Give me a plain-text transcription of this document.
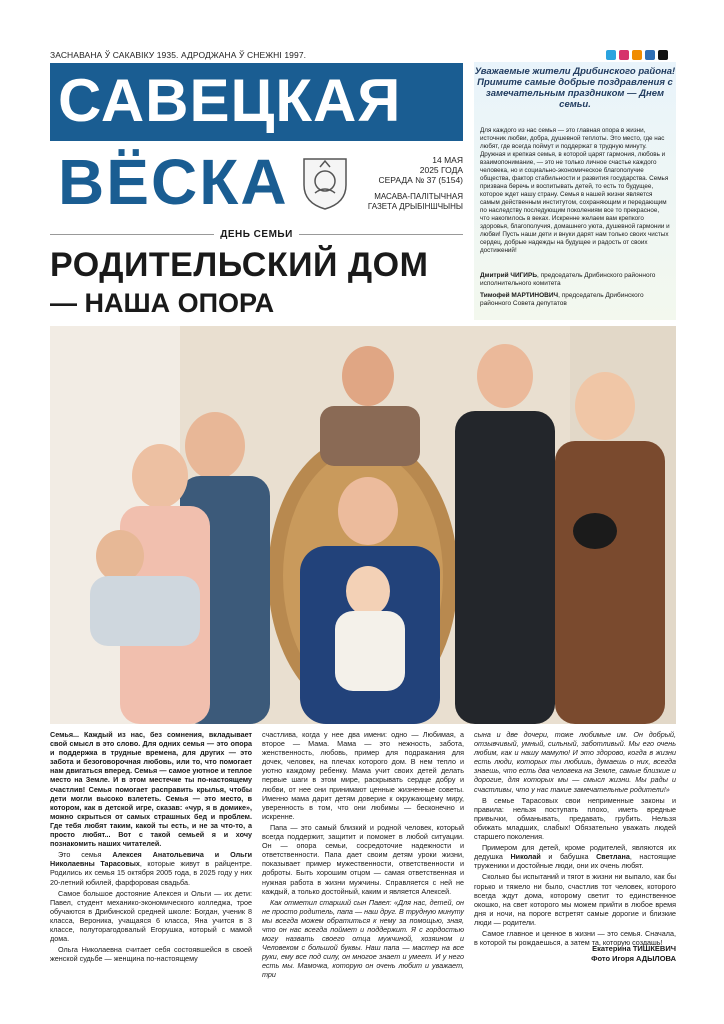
ЗАСНАВАНА Ў САКАВІКУ 1935. АДРОДЖАНА Ў СНЕЖНІ 1997.
САВЕЦКАЯ
ВЁСКА	14 МАЯ
2025 ГОДА
СЕРАДА № 37 (5154)
МАСАВА-ПАЛІТЫЧНАЯ
ГАЗЕТА ДРЫБІНШЧЫНЫ
Уважаемые жители Дрибинского района! Примите самые добрые поздравления с замечательным праздником — Днем семьи.
Для каждого из нас семья — это главная опора в жизни, источник любви, добра, душевной теплоты. Это место, где нас любят, где всегда поймут и поддержат в трудную минуту. Дружная и крепкая семья, в которой царят гармония, любовь и взаимопонимание, — это не только личное счастье каждого человека, но и социально-экономическое благополучие общества, фактор стабильности и развития государства. Семья призвана беречь и воспитывать детей, то есть то будущее, которое ждет нашу страну. Семья в нашей жизни является самым действенным институтом, сохраняющим и передающим по наследству последующим поколениям все то прекрасное, что накопилось в веках. Искренне желаем вам крепкого здоровья, благополучия, домашнего уюта, душевной гармонии и любви! Пусть наши дети и внуки дарят нам только своих чистых сердец, добрые надежды на будущее и радость от своих достижений!
Дмитрий ЧИГИРЬ, председатель Дрибинского районного исполнительного комитета
Тимофей МАРТИНОВИЧ, председатель Дрибинского районного Совета депутатов
ДЕНЬ СЕМЬИ
РОДИТЕЛЬСКИЙ ДОМ
— НАША ОПОРА

Семья... Каждый из нас, без сомнения, вкладывает свой смысл в это слово. Для одних семья — это опора и поддержка в трудные времена, для других — это забота и безоговорочная любовь, или то, что помогает нам двигаться вперед. Семья — самое уютное и теплое место на Земле. И в этом местечке ты по-настоящему счастлив! Семья помогает расправить крылья, чтобы дети могли высоко взлететь. Семья — это место, в котором, как в детской игре, сказав: «чур, я в домике», можно скрыться от самых страшных бед и проблем. Где тебя любят таким, какой ты есть, и не за что-то, а просто любят... Вот с такой семьей я и хочу познакомить наших читателей.

Это семья Алексея Анатольевича и Ольги Николаевны Тарасовых, которые живут в райцентре. Родились их семья 15 октября 2005 года, в 2025 году у них 20-летний юбилей, фарфоровая свадьба.

Самое большое достояние Алексея и Ольги — их дети: Павел, студент механико-экономического колледжа, трое обучаются в Дрибинской средней школе: Богдан, ученик 8 класса, Вероника, учащаяся 6 класса, Яна учится в 3 классе, полуторагодовалый Егорушка, который с мамой дома.

Ольга Николаевна считает себя состоявшейся в своей женской судьбе — женщина по-настоящему

счастлива, когда у нее два имени: одно — Любимая, а второе — Мама. Мама — это нежность, забота, женственность, любовь, пример для подражания для дочек, человек, на плечах которого дом. В нем тепло и уютно каждому ребенку. Мама учит своих детей делать первые шаги в этом мире, раскрывать сердце добру и любви, от нее они принимают ценные жизненные советы. Именно мама дарит детям доверие к окружающему миру, уверенность в том, что они любимы — бесконечно и искренне.

Папа — это самый близкий и родной человек, который всегда поддержит, защитит и поможет в любой ситуации. Он — опора семьи, сосредоточие надежности и ответственности. Папа дает своим детям уроки жизни, показывает пример мужественности, ответственности и доброты. Быть хорошим отцом — самая ответственная и нужная работа в жизни мужчины. Справляется с ней не каждый, а только достойный, каким и является Алексей.

Как отметил старший сын Павел: «Для нас, детей, он не просто родитель, папа — наш друг. В трудную минуту мы всегда можем обратиться к нему за помощью, зная, что он нас всегда поймет и поддержит. Я с гордостью могу назвать своего отца мужчиной, хозяином и Человеком с большой буквы. Наш папа — мастер на все руки, ему все под силу, он многое знает и умеет. И у него есть мы. Мамочка, которую он очень любит и уважает, три

сына и две дочери, тоже любимые им. Он добрый, отзывчивый, умный, сильный, заботливый. Мы его очень любим, как и нашу мамулю! И это здорово, когда в жизни есть люди, которых ты любишь, думаешь о них, всегда знаешь, что есть два человека на Земле, самые близкие и дорогие, для которых мы — смысл жизни. Мы рады и счастливы, что у нас такие замечательные родители!»

В семье Тарасовых свои неприменные законы и правила: нельзя поступать плохо, иметь вредные привычки, обманывать, предавать, грубить. Нельзя обижать младших, слабых! Обязательно уважать людей старшего поколения.

Примером для детей, кроме родителей, являются их дедушка Николай и бабушка Светлана, настоящие труженики и достойные люди, они их очень любят.

Сколько бы испытаний и тягот в жизни ни выпало, как бы горько и тяжело ни было, счастлив тот человек, которого всегда ждут дома, которому светит то единственное окошко, на свет которого мы можем прийти в любое время дня и ночи, на пороге встретят самые дорогие и близкие люди — родители.

Самое главное и ценное в жизни — это семья. Сначала, в которой ты рождаешься, а затем та, которую создашь!

Екатерина ТИШКЕВИЧ
Фото Игоря АДЫЛОВА
